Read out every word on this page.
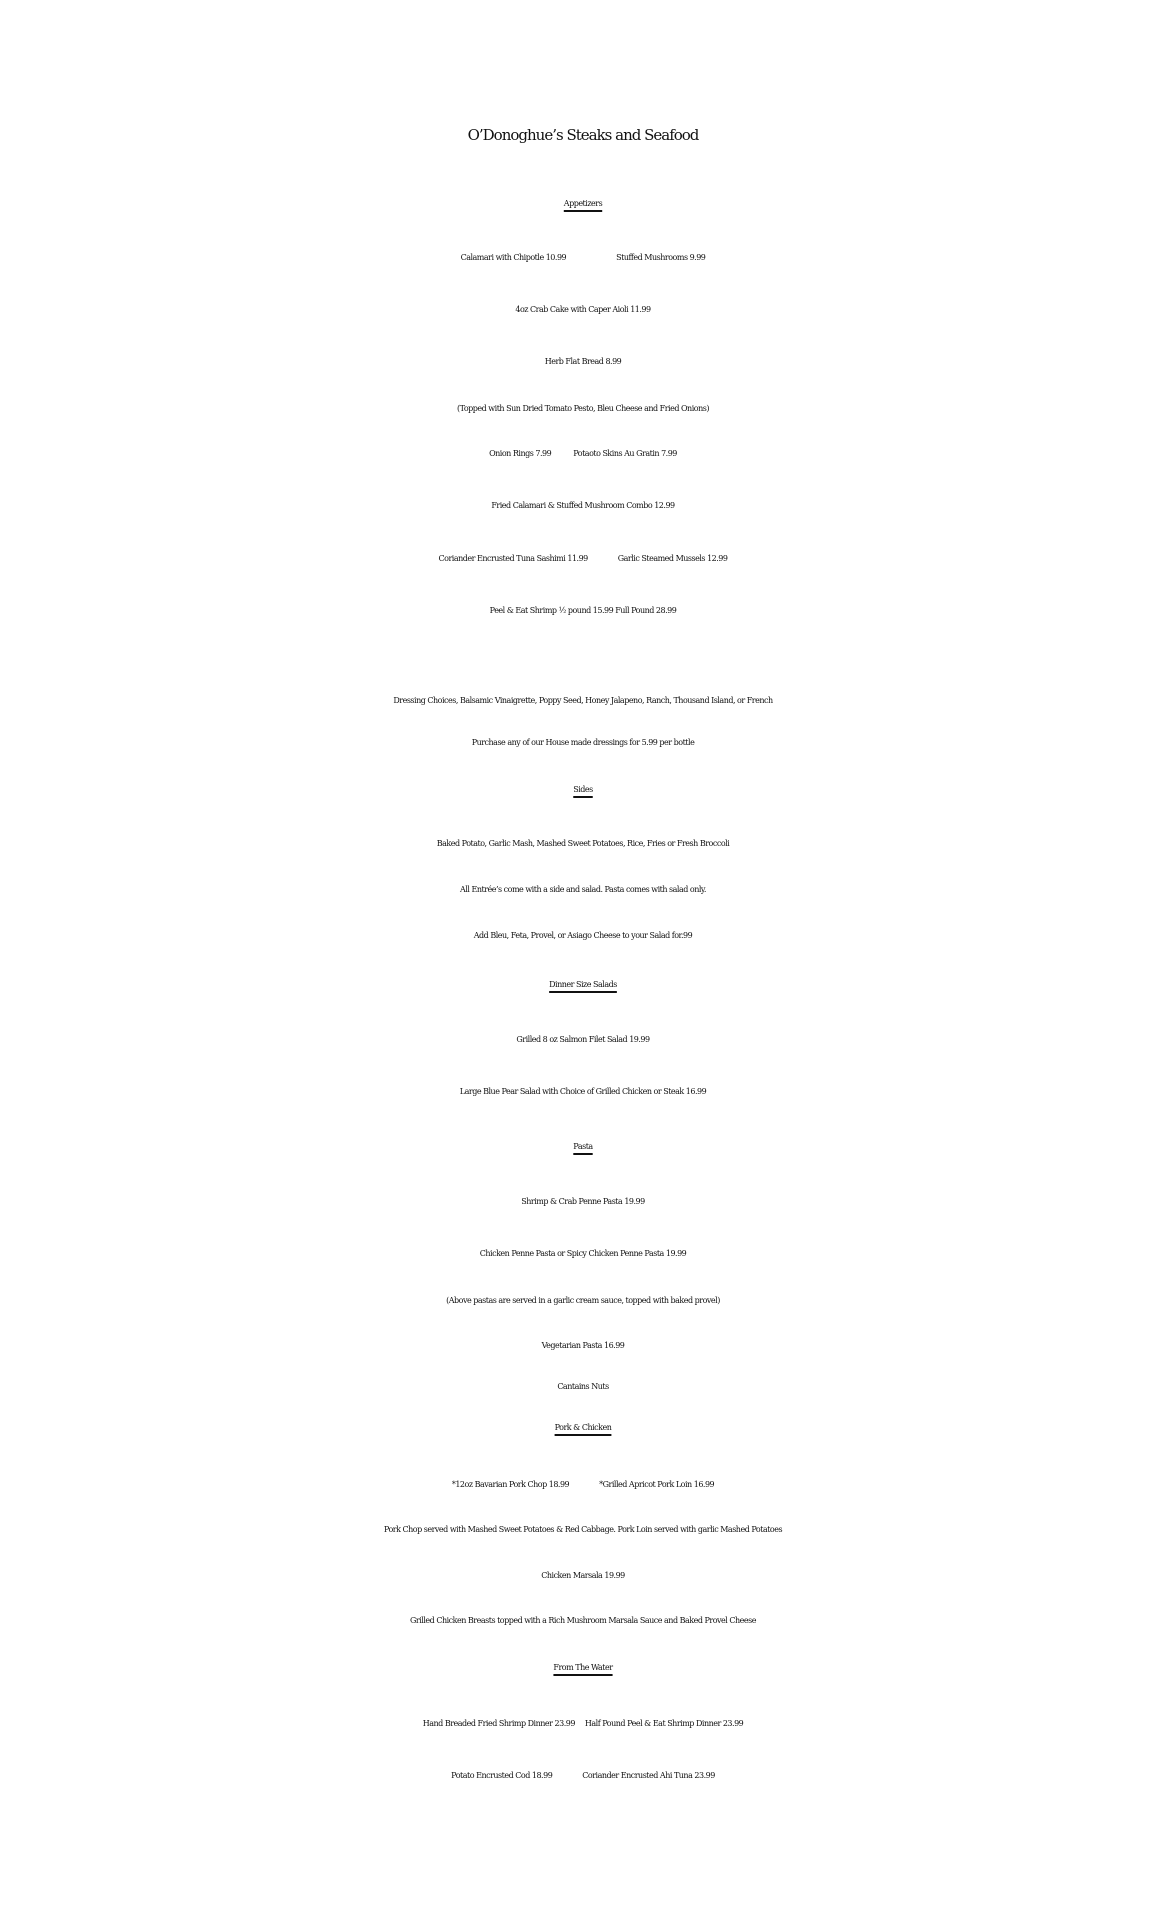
O’Donoghue’s Steaks and Seafood
Appetizers
Calamari with Chipotle 10.99	Stuffed Mushrooms 9.99
4oz Crab Cake with Caper Aioli 11.99
Herb Flat Bread 8.99
(Topped with Sun Dried Tomato Pesto, Bleu Cheese and Fried Onions)
Onion Rings 7.99	Potaoto Skins Au Gratin 7.99
Fried Calamari & Stuffed Mushroom Combo 12.99
Coriander Encrusted Tuna Sashimi 11.99	Garlic Steamed Mussels 12.99
Peel & Eat Shrimp ½ pound 15.99 Full Pound 28.99
Dressing Choices, Balsamic Vinaigrette, Poppy Seed, Honey Jalapeno, Ranch, Thousand Island, or French
Purchase any of our House made dressings for 5.99 per bottle
Sides
Baked Potato, Garlic Mash, Mashed Sweet Potatoes, Rice, Fries or Fresh Broccoli
All Entrée’s come with a side and salad. Pasta comes with salad only.
Add Bleu, Feta, Provel, or Asiago Cheese to your Salad for.99
Dinner Size Salads
Grilled 8 oz Salmon Filet Salad 19.99
Large Blue Pear Salad with Choice of Grilled Chicken or Steak 16.99
Pasta
Shrimp & Crab Penne Pasta 19.99
Chicken Penne Pasta or Spicy Chicken Penne Pasta 19.99
(Above pastas are served in a garlic cream sauce, topped with baked provel)
Vegetarian Pasta 16.99
Cantains Nuts
Pork & Chicken
*12oz Bavarian Pork Chop 18.99	*Grilled Apricot Pork Loin 16.99
Pork Chop served with Mashed Sweet Potatoes & Red Cabbage. Pork Loin served with garlic Mashed Potatoes
Chicken Marsala 19.99
Grilled Chicken Breasts topped with a Rich Mushroom Marsala Sauce and Baked Provel Cheese
From The Water
Hand Breaded Fried Shrimp Dinner 23.99 Half Pound Peel & Eat Shrimp Dinner 23.99
Potato Encrusted Cod 18.99	Coriander Encrusted Ahi Tuna 23.99
